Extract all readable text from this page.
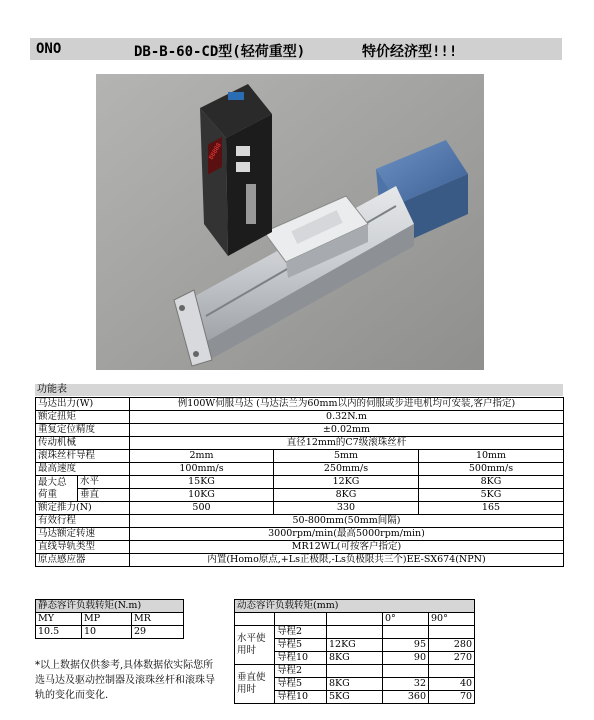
ONO	DB-B-60-CD型(轻荷重型)	特价经济型!!!
88888
功能表
马达出力(W)		例100W伺服马达 (马达法兰为60mm以内的伺服或步进电机均可安装,客户指定)		
额定扭矩		0.32N.m		
重复定位精度		±0.02mm		
传动机械		直径12mm的C7级滚珠丝杆		
滚珠丝杆导程		2mm	5mm	10mm
最高速度		100mm/s	250mm/s	500mm/s
最大总
荷重	水平	15KG	12KG	8KG
	垂直	10KG	8KG	5KG
额定推力(N)		500	330	165
有效行程		50-800mm(50mm间隔)		
马达额定转速		3000rpm/min(最高5000rpm/min)		
直线导轨类型		MR12WL(可按客户指定)		
原点感应器		内置(Homo原点,+Ls正极限,-Ls负极限共三个)EE-SX674(NPN)		
静态容许负载转矩(N.m)		
MY	MP	MR
10.5	10	29
*以上数据仅供参考,具体数据依实际您所选马达及驱动控制器及滚珠丝杆和滚珠导轨的变化而变化.
动态容许负载转矩(mm)				
			0°	90°
水平使
用时	导程2			
	导程5	12KG	95	280
	导程10	8KG	90	270
垂直使
用时	导程2			
	导程5	8KG	32	40
	导程10	5KG	360	70
